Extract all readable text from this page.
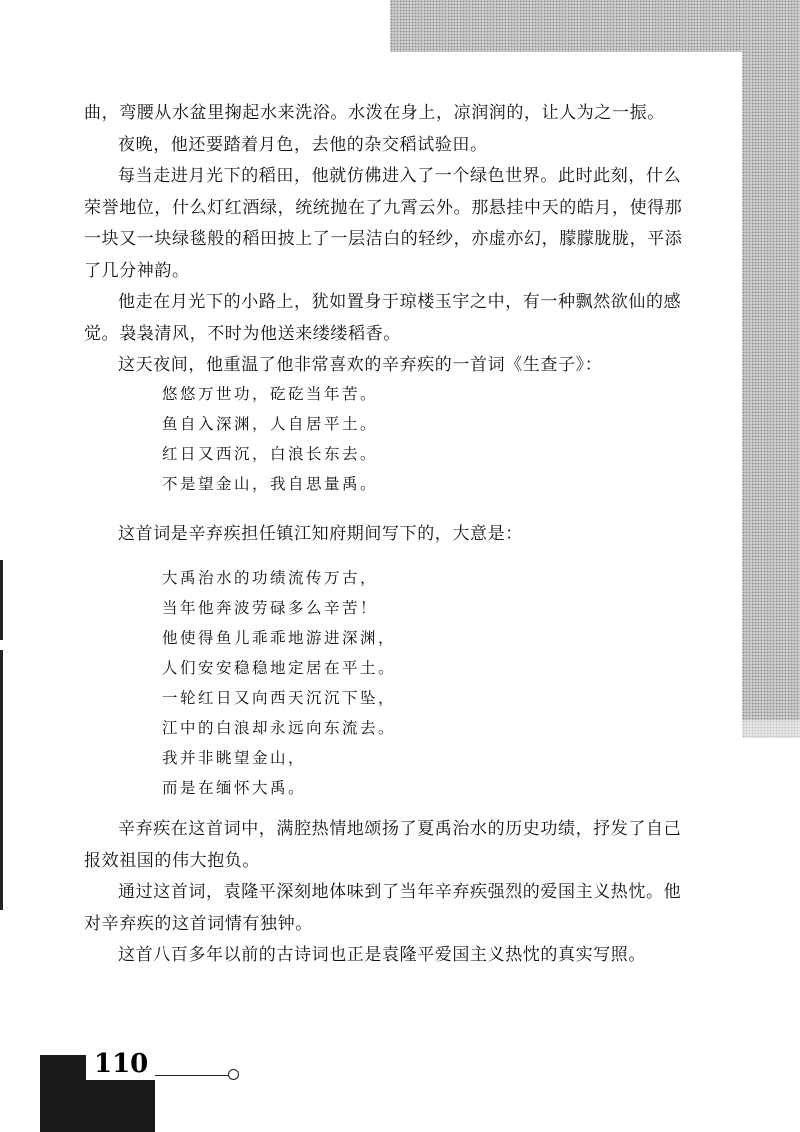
曲，弯腰从水盆里掬起水来洗浴。水泼在身上，凉润润的，让人为之一振。

夜晚，他还要踏着月色，去他的杂交稻试验田。

每当走进月光下的稻田，他就仿佛进入了一个绿色世界。此时此刻，什么荣誉地位，什么灯红酒绿，统统抛在了九霄云外。那悬挂中天的皓月，使得那一块又一块绿毯般的稻田披上了一层洁白的轻纱，亦虚亦幻，朦朦胧胧，平添了几分神韵。

他走在月光下的小路上，犹如置身于琼楼玉宇之中，有一种飘然欲仙的感觉。袅袅清风，不时为他送来缕缕稻香。

这天夜间，他重温了他非常喜欢的辛弃疾的一首词《生查子》：

悠悠万世功，矻矻当年苦。
鱼自入深渊，人自居平土。
红日又西沉，白浪长东去。
不是望金山，我自思量禹。

这首词是辛弃疾担任镇江知府期间写下的，大意是：

大禹治水的功绩流传万古，
当年他奔波劳碌多么辛苦！
他使得鱼儿乖乖地游进深渊，
人们安安稳稳地定居在平土。
一轮红日又向西天沉沉下坠，
江中的白浪却永远向东流去。
我并非眺望金山，
而是在缅怀大禹。

辛弃疾在这首词中，满腔热情地颂扬了夏禹治水的历史功绩，抒发了自己报效祖国的伟大抱负。

通过这首词，袁隆平深刻地体味到了当年辛弃疾强烈的爱国主义热忱。他对辛弃疾的这首词情有独钟。

这首八百多年以前的古诗词也正是袁隆平爱国主义热忱的真实写照。

110
